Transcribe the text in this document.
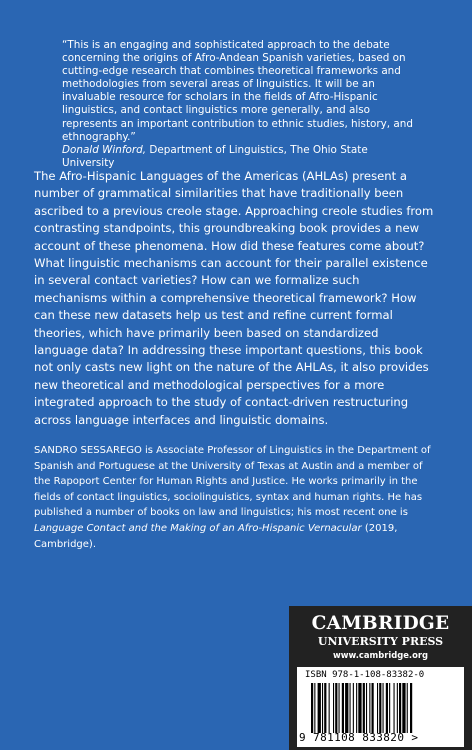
“This is an engaging and sophisticated approach to the debate concerning the origins of Afro-Andean Spanish varieties, based on cutting-edge research that combines theoretical frameworks and methodologies from several areas of linguistics. It will be an invaluable resource for scholars in the fields of Afro-Hispanic linguistics, and contact linguistics more generally, and also represents an important contribution to ethnic studies, history, and ethnography.”
Donald Winford, Department of Linguistics, The Ohio State University
The Afro-Hispanic Languages of the Americas (AHLAs) present a number of grammatical similarities that have traditionally been ascribed to a previous creole stage. Approaching creole studies from contrasting standpoints, this groundbreaking book provides a new account of these phenomena. How did these features come about? What linguistic mechanisms can account for their parallel existence in several contact varieties? How can we formalize such mechanisms within a comprehensive theoretical framework? How can these new datasets help us test and refine current formal theories, which have primarily been based on standardized language data? In addressing these important questions, this book not only casts new light on the nature of the AHLAs, it also provides new theoretical and methodological perspectives for a more integrated approach to the study of contact-driven restructuring across language interfaces and linguistic domains.
SANDRO SESSAREGO is Associate Professor of Linguistics in the Department of Spanish and Portuguese at the University of Texas at Austin and a member of the Rapoport Center for Human Rights and Justice. He works primarily in the fields of contact linguistics, sociolinguistics, syntax and human rights. He has published a number of books on law and linguistics; his most recent one is Language Contact and the Making of an Afro-Hispanic Vernacular (2019, Cambridge).
CAMBRIDGE
UNIVERSITY PRESS
www.cambridge.org
ISBN 978-1-108-83382-0
9 781108 833820 >
